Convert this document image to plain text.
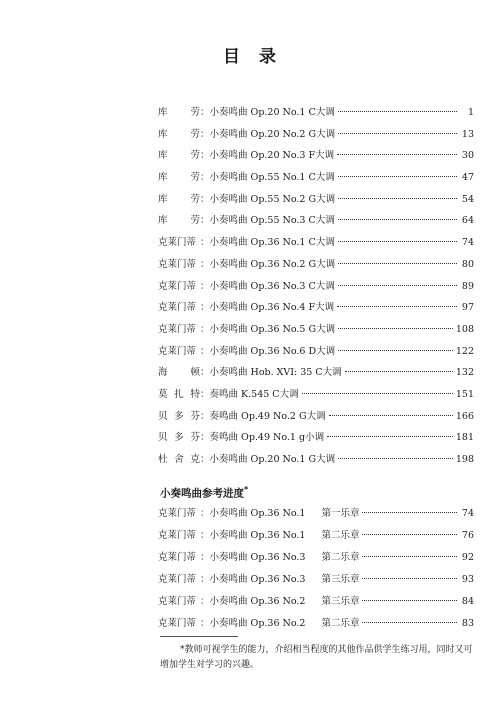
目 录
库 劳 ： 小奏鸣曲 Op.20 No.1 C大调	1
库 劳 ： 小奏鸣曲 Op.20 No.2 G大调	13
库 劳 ： 小奏鸣曲 Op.20 No.3 F大调	30
库 劳 ： 小奏鸣曲 Op.55 No.1 C大调	47
库 劳 ： 小奏鸣曲 Op.55 No.2 G大调	54
库 劳 ： 小奏鸣曲 Op.55 No.3 C大调	64
克莱门蒂 ： 小奏鸣曲 Op.36 No.1 C大调	74
克莱门蒂 ： 小奏鸣曲 Op.36 No.2 G大调	80
克莱门蒂 ： 小奏鸣曲 Op.36 No.3 C大调	89
克莱门蒂 ： 小奏鸣曲 Op.36 No.4 F大调	97
克莱门蒂 ： 小奏鸣曲 Op.36 No.5 G大调	108
克莱门蒂 ： 小奏鸣曲 Op.36 No.6 D大调	122
海 顿 ： 小奏鸣曲 Hob. XVI: 35 C大调	132
莫 扎 特 ： 奏鸣曲 K.545 C大调	151
贝 多 芬 ： 奏鸣曲 Op.49 No.2 G大调	166
贝 多 芬 ： 奏鸣曲 Op.49 No.1 g小调	181
杜 舍 克 ： 小奏鸣曲 Op.20 No.1 G大调	198
小奏鸣曲参考进度*
克莱门蒂 ： 小奏鸣曲 Op.36 No.1 第一乐章	74
克莱门蒂 ： 小奏鸣曲 Op.36 No.1 第二乐章	76
克莱门蒂 ： 小奏鸣曲 Op.36 No.3 第二乐章	92
克莱门蒂 ： 小奏鸣曲 Op.36 No.3 第三乐章	93
克莱门蒂 ： 小奏鸣曲 Op.36 No.2 第三乐章	84
克莱门蒂 ： 小奏鸣曲 Op.36 No.2 第二乐章	83
*教师可视学生的能力，介绍相当程度的其他作品供学生练习用，同时又可增加学生对学习的兴趣。
